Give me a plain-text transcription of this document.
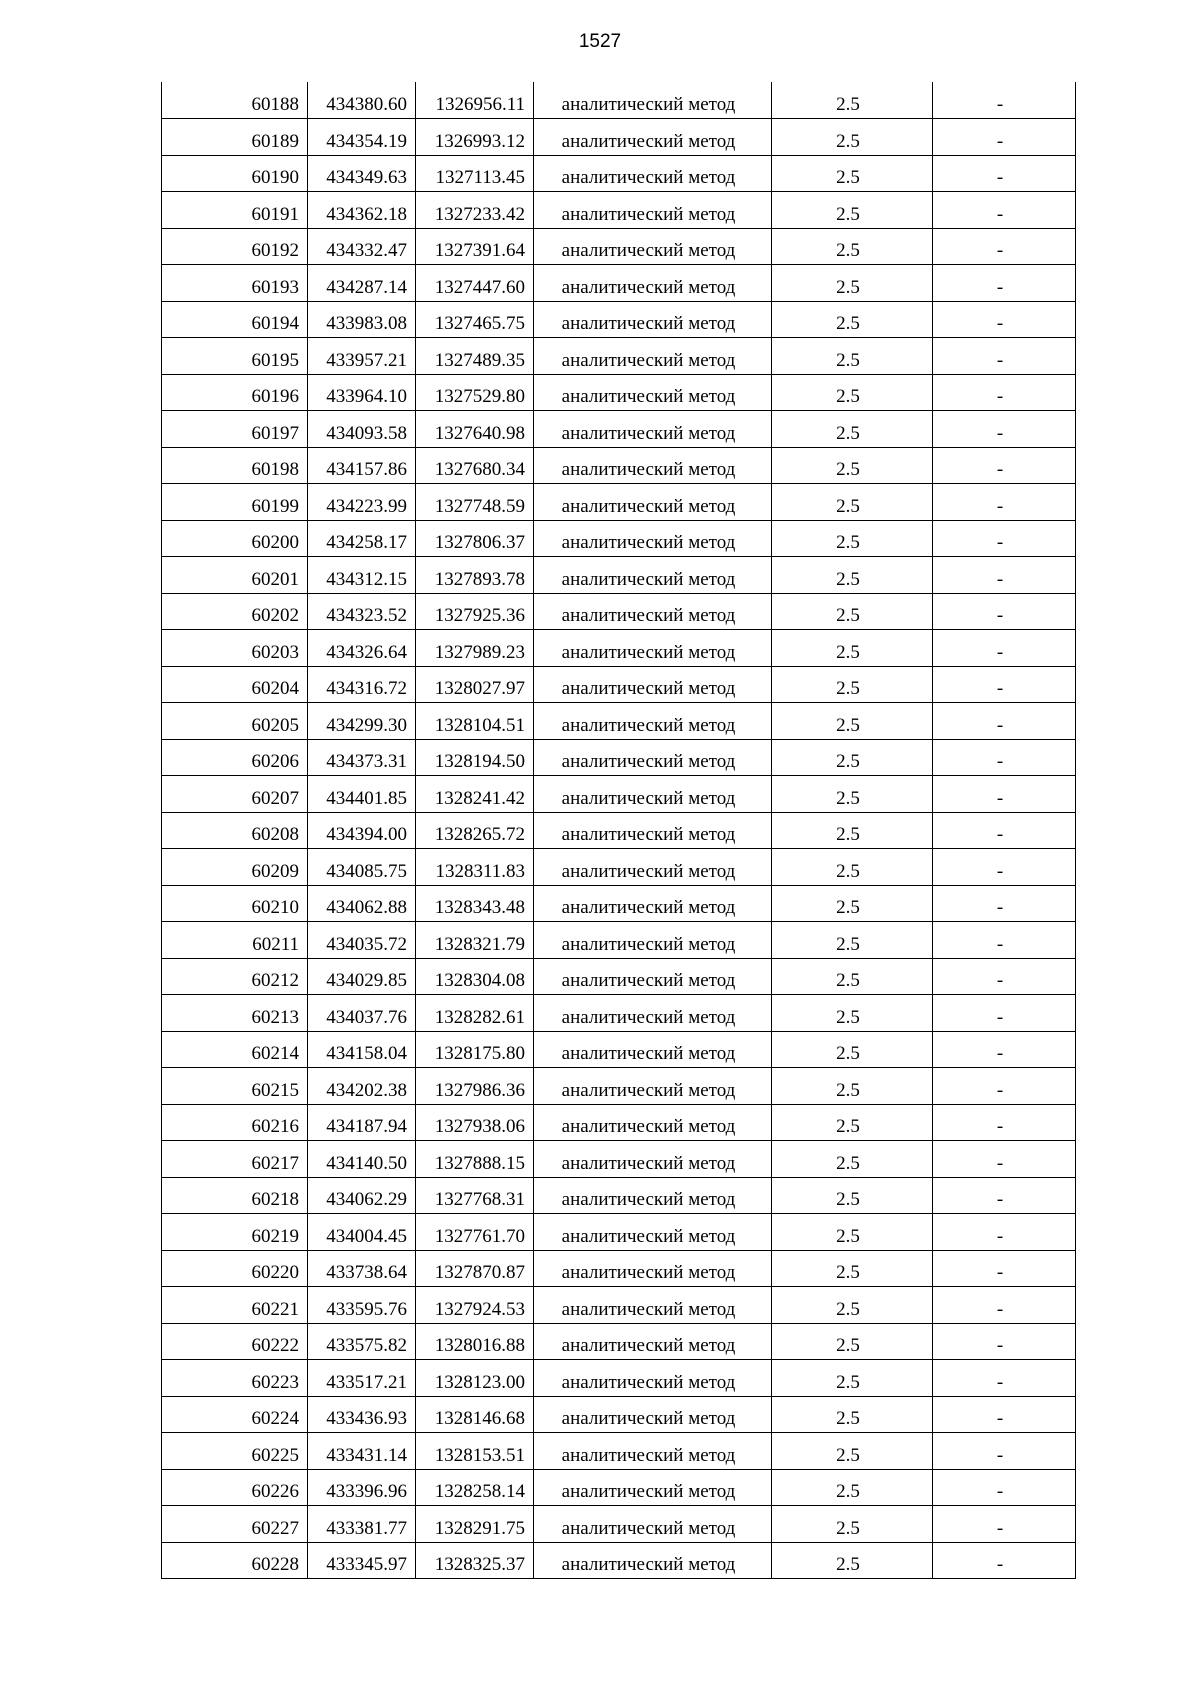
1527
60188	434380.60	1326956.11	аналитический метод	2.5	-
60189	434354.19	1326993.12	аналитический метод	2.5	-
60190	434349.63	1327113.45	аналитический метод	2.5	-
60191	434362.18	1327233.42	аналитический метод	2.5	-
60192	434332.47	1327391.64	аналитический метод	2.5	-
60193	434287.14	1327447.60	аналитический метод	2.5	-
60194	433983.08	1327465.75	аналитический метод	2.5	-
60195	433957.21	1327489.35	аналитический метод	2.5	-
60196	433964.10	1327529.80	аналитический метод	2.5	-
60197	434093.58	1327640.98	аналитический метод	2.5	-
60198	434157.86	1327680.34	аналитический метод	2.5	-
60199	434223.99	1327748.59	аналитический метод	2.5	-
60200	434258.17	1327806.37	аналитический метод	2.5	-
60201	434312.15	1327893.78	аналитический метод	2.5	-
60202	434323.52	1327925.36	аналитический метод	2.5	-
60203	434326.64	1327989.23	аналитический метод	2.5	-
60204	434316.72	1328027.97	аналитический метод	2.5	-
60205	434299.30	1328104.51	аналитический метод	2.5	-
60206	434373.31	1328194.50	аналитический метод	2.5	-
60207	434401.85	1328241.42	аналитический метод	2.5	-
60208	434394.00	1328265.72	аналитический метод	2.5	-
60209	434085.75	1328311.83	аналитический метод	2.5	-
60210	434062.88	1328343.48	аналитический метод	2.5	-
60211	434035.72	1328321.79	аналитический метод	2.5	-
60212	434029.85	1328304.08	аналитический метод	2.5	-
60213	434037.76	1328282.61	аналитический метод	2.5	-
60214	434158.04	1328175.80	аналитический метод	2.5	-
60215	434202.38	1327986.36	аналитический метод	2.5	-
60216	434187.94	1327938.06	аналитический метод	2.5	-
60217	434140.50	1327888.15	аналитический метод	2.5	-
60218	434062.29	1327768.31	аналитический метод	2.5	-
60219	434004.45	1327761.70	аналитический метод	2.5	-
60220	433738.64	1327870.87	аналитический метод	2.5	-
60221	433595.76	1327924.53	аналитический метод	2.5	-
60222	433575.82	1328016.88	аналитический метод	2.5	-
60223	433517.21	1328123.00	аналитический метод	2.5	-
60224	433436.93	1328146.68	аналитический метод	2.5	-
60225	433431.14	1328153.51	аналитический метод	2.5	-
60226	433396.96	1328258.14	аналитический метод	2.5	-
60227	433381.77	1328291.75	аналитический метод	2.5	-
60228	433345.97	1328325.37	аналитический метод	2.5	-
